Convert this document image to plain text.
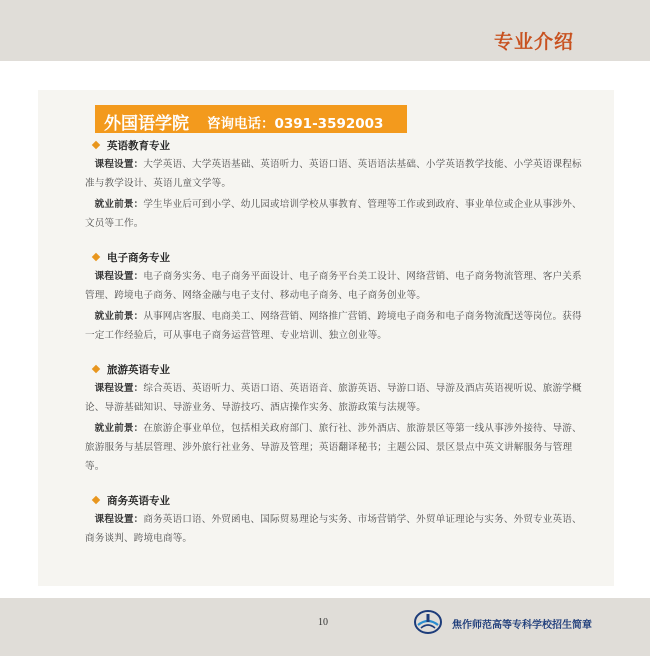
专业介绍
外国语学院 咨询电话：0391-3592003
英语教育专业

课程设置：大学英语、大学英语基础、英语听力、英语口语、英语语法基础、小学英语教学技能、小学英语课程标准与教学设计、英语儿童文学等。

就业前景：学生毕业后可到小学、幼儿园或培训学校从事教育、管理等工作或到政府、事业单位或企业从事涉外、文员等工作。

电子商务专业

课程设置：电子商务实务、电子商务平面设计、电子商务平台美工设计、网络营销、电子商务物流管理、客户关系管理、跨境电子商务、网络金融与电子支付、移动电子商务、电子商务创业等。

就业前景：从事网店客服、电商美工、网络营销、网络推广营销、跨境电子商务和电子商务物流配送等岗位。获得一定工作经验后，可从事电子商务运营管理、专业培训、独立创业等。

旅游英语专业

课程设置：综合英语、英语听力、英语口语、英语语音、旅游英语、导游口语、导游及酒店英语视听说、旅游学概论、导游基础知识、导游业务、导游技巧、酒店操作实务、旅游政策与法规等。

就业前景：在旅游企事业单位，包括相关政府部门、旅行社、涉外酒店、旅游景区等第一线从事涉外接待、导游、旅游服务与基层管理、涉外旅行社业务、导游及管理；英语翻译秘书；主题公园、景区景点中英文讲解服务与管理等。

商务英语专业

课程设置：商务英语口语、外贸函电、国际贸易理论与实务、市场营销学、外贸单证理论与实务、外贸专业英语、商务谈判、跨境电商等。

10	焦作师范高等专科学校招生简章
